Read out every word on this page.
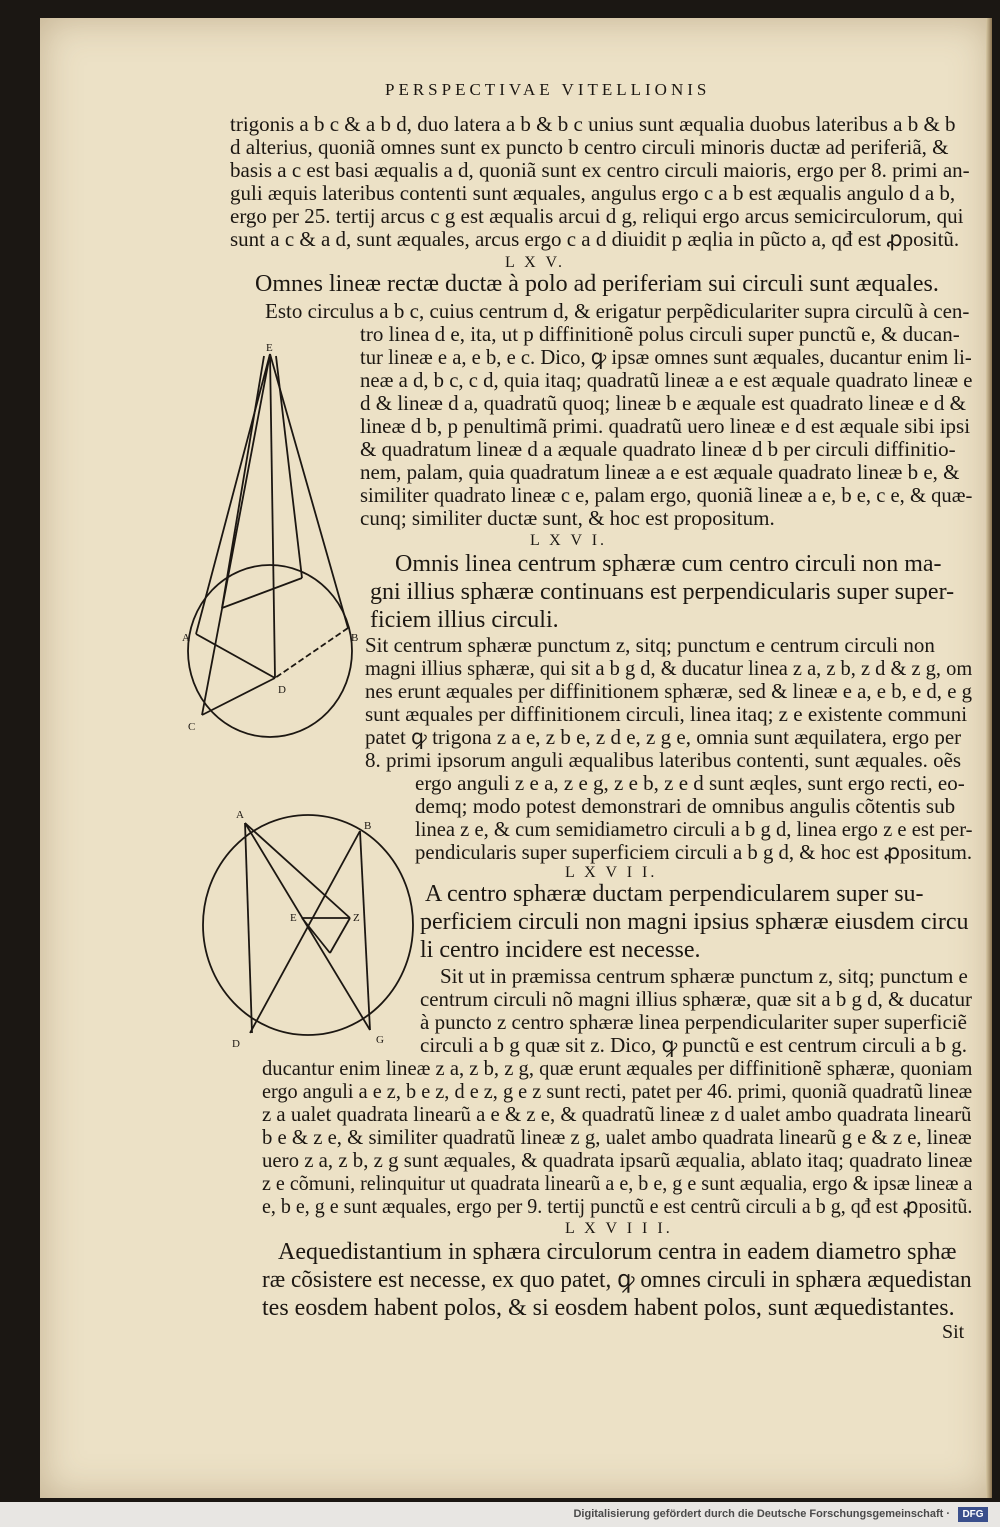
PERSPECTIVAE VITELLIONIS
trigonis a b c & a b d, duo latera a b & b c unius sunt æqualia duobus lateribus a b & b
d alterius, quoniã omnes sunt ex puncto b centro circuli minoris ductæ ad periferiã, &
basis a c est basi æqualis a d, quoniã sunt ex centro circuli maioris, ergo per 8. primi an-
guli æquis lateribus contenti sunt æquales, angulus ergo c a b est æqualis angulo d a b,
ergo per 25. tertij arcus c g est æqualis arcui d g, reliqui ergo arcus semicirculorum, qui
sunt a c & a d, sunt æquales, arcus ergo c a d diuidit p æqlia in pũcto a, qđ est ꝓpositũ.
L X V.
Omnes lineæ rectæ ductæ à polo ad periferiam sui circuli sunt æquales.
Esto circulus a b c, cuius centrum d, & erigatur perpẽdiculariter supra circulũ à cen-
tro linea d e, ita, ut p diffinitionẽ polus circuli super punctũ e, & ducan-
tur lineæ e a, e b, e c. Dico, ꝙ ipsæ omnes sunt æquales, ducantur enim li-
neæ a d, b c, c d, quia itaq; quadratũ lineæ a e est æquale quadrato lineæ e
d & lineæ d a, quadratũ quoq; lineæ b e æquale est quadrato lineæ e d &
lineæ d b, p penultimã primi. quadratũ uero lineæ e d est æquale sibi ipsi
& quadratum lineæ d a æquale quadrato lineæ d b per circuli diffinitio-
nem, palam, quia quadratum lineæ a e est æquale quadrato lineæ b e, &
similiter quadrato lineæ c e, palam ergo, quoniã lineæ a e, b e, c e, & quæ-
cunq; similiter ductæ sunt, & hoc est propositum.
L X V I.
Omnis linea centrum sphæræ cum centro circuli non ma-
gni illius sphæræ continuans est perpendicularis super super-
ficiem illius circuli.
Sit centrum sphæræ punctum z, sitq; punctum e centrum circuli non
magni illius sphæræ, qui sit a b g d, & ducatur linea z a, z b, z d & z g, om
nes erunt æquales per diffinitionem sphæræ, sed & lineæ e a, e b, e d, e g
sunt æquales per diffinitionem circuli, linea itaq; z e existente communi
patet ꝙ trigona z a e, z b e, z d e, z g e, omnia sunt æquilatera, ergo per
8. primi ipsorum anguli æqualibus lateribus contenti, sunt æquales. oẽs
ergo anguli z e a, z e g, z e b, z e d sunt æqles, sunt ergo recti, eo-
demq; modo potest demonstrari de omnibus angulis cõtentis sub
linea z e, & cum semidiametro circuli a b g d, linea ergo z e est per-
pendicularis super superficiem circuli a b g d, & hoc est ꝓpositum.
L X V I I.
A centro sphæræ ductam perpendicularem super su-
perficiem circuli non magni ipsius sphæræ eiusdem circu
li centro incidere est necesse.
Sit ut in præmissa centrum sphæræ punctum z, sitq; punctum e
centrum circuli nõ magni illius sphæræ, quæ sit a b g d, & ducatur
à puncto z centro sphæræ linea perpendiculariter super superficiẽ
circuli a b g quæ sit z. Dico, ꝙ punctũ e est centrum circuli a b g.
ducantur enim lineæ z a, z b, z g, quæ erunt æquales per diffinitionẽ sphæræ, quoniam
ergo anguli a e z, b e z, d e z, g e z sunt recti, patet per 46. primi, quoniã quadratũ lineæ
z a ualet quadrata linearũ a e & z e, & quadratũ lineæ z d ualet ambo quadrata linearũ
b e & z e, & similiter quadratũ lineæ z g, ualet ambo quadrata linearũ g e & z e, lineæ
uero z a, z b, z g sunt æquales, & quadrata ipsarũ æqualia, ablato itaq; quadrato lineæ
z e cõmuni, relinquitur ut quadrata linearũ a e, b e, g e sunt æqualia, ergo & ipsæ lineæ a
e, b e, g e sunt æquales, ergo per 9. tertij punctũ e est centrũ circuli a b g, qđ est ꝓpositũ.
L X V I I I.
Aequedistantium in sphæra circulorum centra in eadem diametro sphæ
ræ cõsistere est necesse, ex quo patet, ꝙ omnes circuli in sphæra æquedistan
tes eosdem habent polos, & si eosdem habent polos, sunt æquedistantes.
Sit
E
A	B
C
D
A
B
E	Z
D	G
Digitalisierung gefördert durch die Deutsche Forschungsgemeinschaft ·	DFG
